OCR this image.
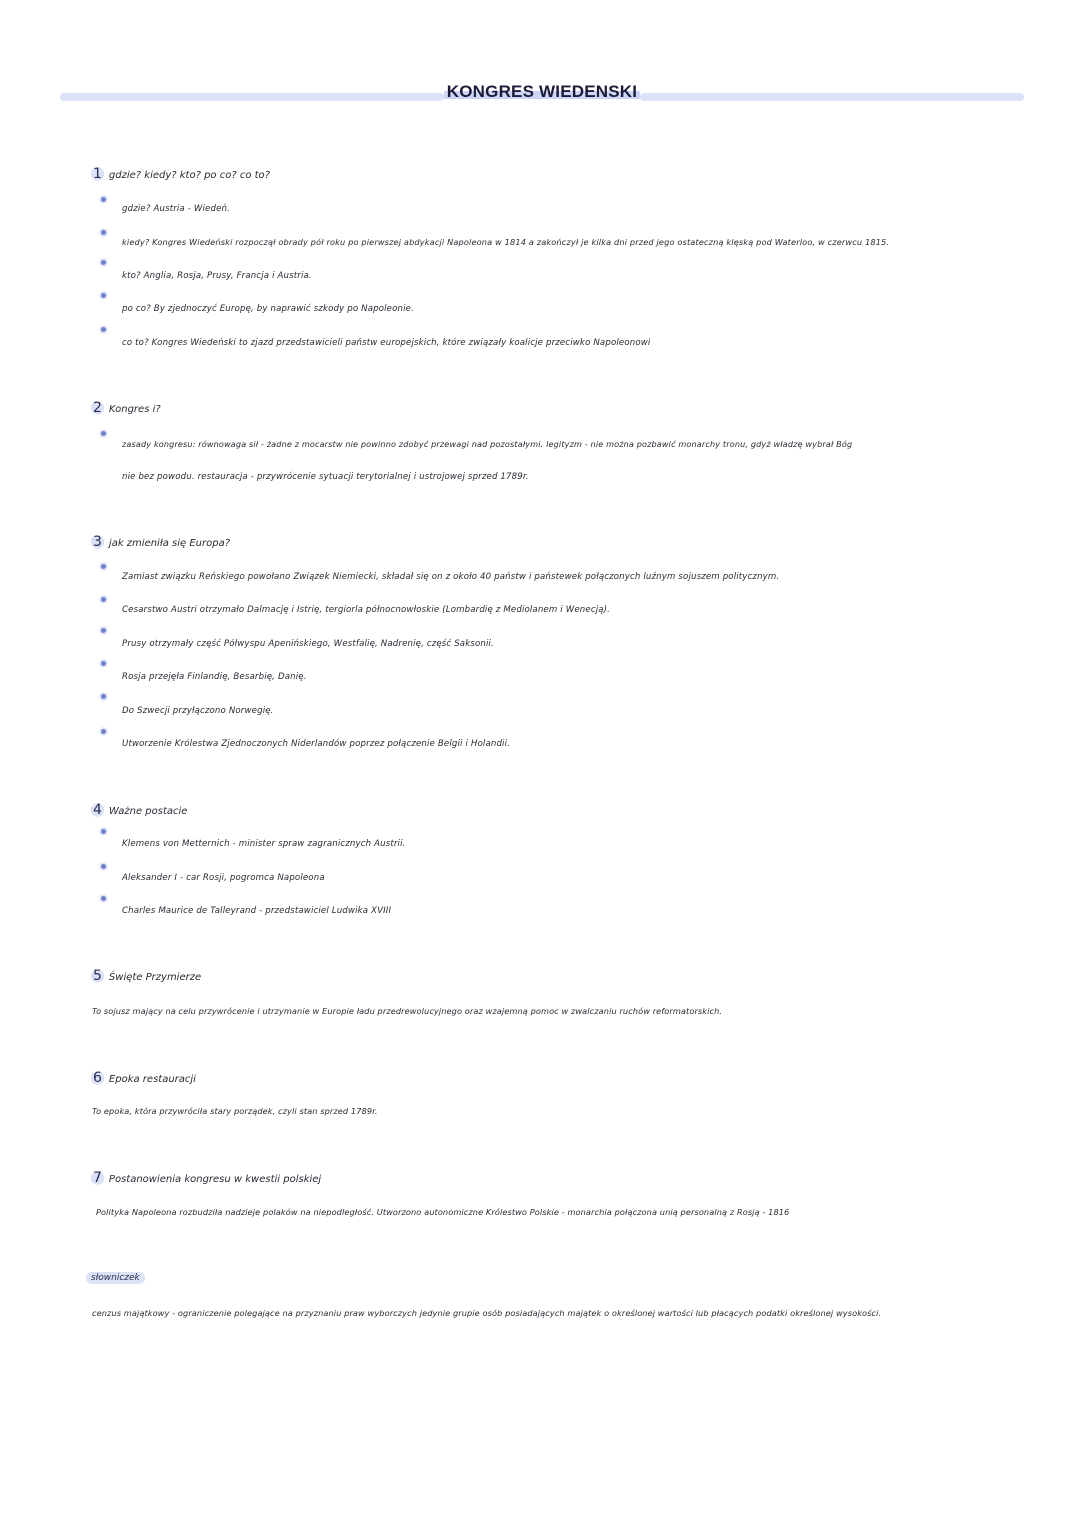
KONGRES WIEDENSKI
1 gdzie? kiedy? kto? po co? co to?
gdzie? Austria - Wiedeń.
kiedy? Kongres Wiedeński rozpoczął obrady pół roku po pierwszej abdykacji Napoleona w 1814 a zakończył je kilka dni przed jego ostateczną klęską pod Waterloo, w czerwcu 1815.
kto? Anglia, Rosja, Prusy, Francja i Austria.
po co? By zjednoczyć Europę, by naprawić szkody po Napoleonie.
co to? Kongres Wiedeński to zjazd przedstawicieli państw europejskich, które związały koalicje przeciwko Napoleonowi
2 Kongres i?
zasady kongresu: równowaga sił - żadne z mocarstw nie powinno zdobyć przewagi nad pozostałymi. legityzm - nie można pozbawić monarchy tronu, gdyż władzę wybrał Bóg
nie bez powodu. restauracja - przywrócenie sytuacji terytorialnej i ustrojowej sprzed 1789r.
3 jak zmieniła się Europa?
Zamiast związku Reńskiego powołano Związek Niemiecki, składał się on z około 40 państw i państewek połączonych luźnym sojuszem politycznym.
Cesarstwo Austri otrzymało Dalmację i Istrię, tergiorla północnowłoskie (Lombardię z Mediolanem i Wenecją).
Prusy otrzymały część Półwyspu Apenińskiego, Westfalię, Nadrenię, część Saksonii.
Rosja przejęła Finlandię, Besarbię, Danię.
Do Szwecji przyłączono Norwegię.
Utworzenie Królestwa Zjednoczonych Niderlandów poprzez połączenie Belgii i Holandii.
4 Ważne postacie
Klemens von Metternich - minister spraw zagranicznych Austrii.
Aleksander I - car Rosji, pogromca Napoleona
Charles Maurice de Talleyrand - przedstawiciel Ludwika XVIII
5 Święte Przymierze
To sojusz mający na celu przywrócenie i utrzymanie w Europie ładu przedrewolucyjnego oraz wzajemną pomoc w zwalczaniu ruchów reformatorskich.
6 Epoka restauracji
To epoka, która przywróciła stary porządek, czyli stan sprzed 1789r.
7 Postanowienia kongresu w kwestii polskiej
Polityka Napoleona rozbudziła nadzieje polaków na niepodległość. Utworzono autonomiczne Królestwo Polskie - monarchia połączona unią personalną z Rosją - 1816
słowniczek
cenzus majątkowy - ograniczenie polegające na przyznaniu praw wyborczych jedynie grupie osób posiadających majątek o określonej wartości lub płacących podatki określonej wysokości.
